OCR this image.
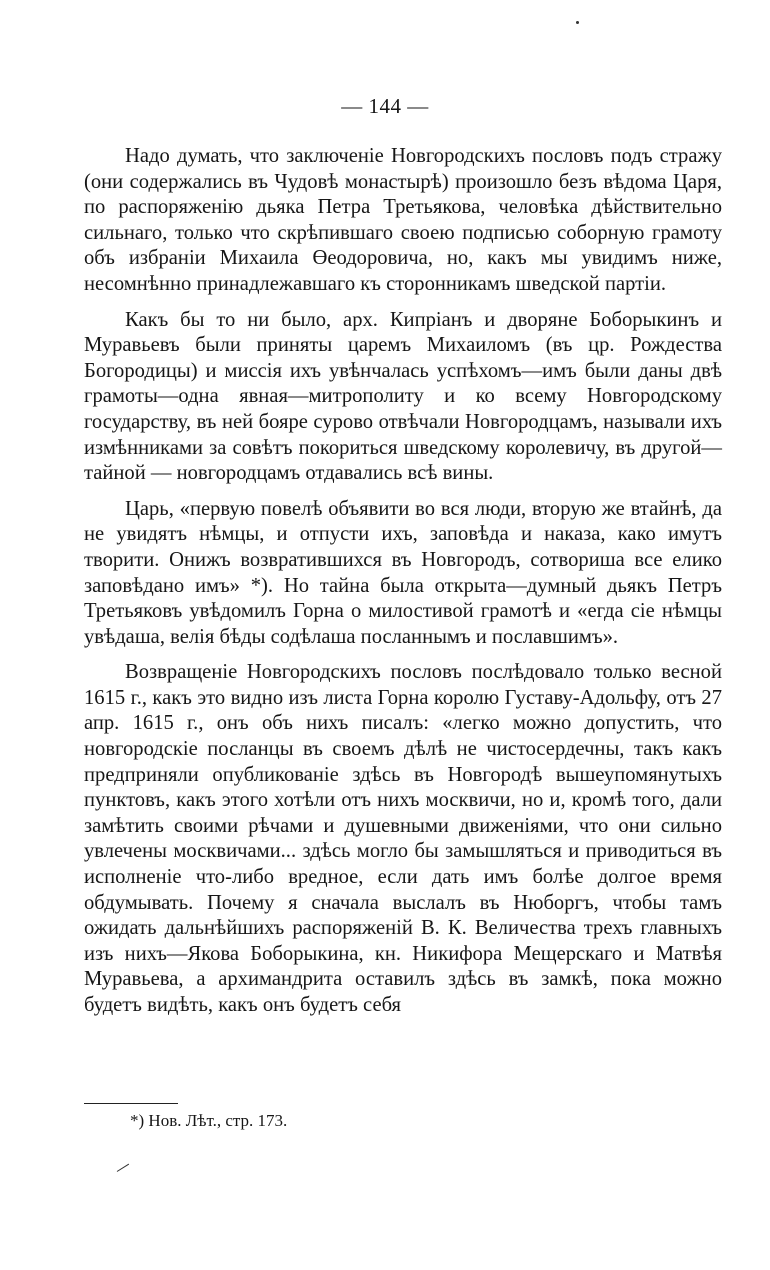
— 144 —

Надо думать, что заключенiе Новгородскихъ пословъ подъ стражу (они содержались въ Чудовѣ монастырѣ) произошло безъ вѣдома Царя, по распоряженiю дьяка Петра Третьякова, человѣка дѣйствительно сильнаго, только что скрѣпившаго своею подписью соборную грамоту объ избранiи Михаила Өеодоровича, но, какъ мы увидимъ ниже, несомнѣнно принадлежавшаго къ сторонникамъ шведской партiи.

Какъ бы то ни было, арх. Кипрiанъ и дворяне Боборыкинъ и Муравьевъ были приняты царемъ Михаиломъ (въ цр. Рождества Богородицы) и миссiя ихъ увѣнчалась успѣхомъ—имъ были даны двѣ грамоты—одна явная—митрополиту и ко всему Новгородскому государству, въ ней бояре сурово отвѣчали Новгородцамъ, называли ихъ измѣнниками за совѣтъ покориться шведскому королевичу, въ другой—тайной — новгородцамъ отдавались всѣ вины.

Царь, «первую повелѣ объявити во вся люди, вторую же втайнѣ, да не увидятъ нѣмцы, и отпусти ихъ, заповѣда и наказа, како имутъ творити. Онижъ возвратившихся въ Новгородъ, сотвориша все елико заповѣдано имъ» *). Но тайна была открыта—думный дьякъ Петръ Третьяковъ увѣдомилъ Горна о милостивой грамотѣ и «егда сiе нѣмцы увѣдаша, велiя бѣды содѣлаша посланнымъ и пославшимъ».

Возвращенiе Новгородскихъ пословъ послѣдовало только весной 1615 г., какъ это видно изъ листа Горна королю Густаву-Адольфу, отъ 27 апр. 1615 г., онъ объ нихъ писалъ: «легко можно допустить, что новгородскiе посланцы въ своемъ дѣлѣ не чистосердечны, такъ какъ предприняли опубликованiе здѣсь въ Новгородѣ вышеупомянутыхъ пунктовъ, какъ этого хотѣли отъ нихъ москвичи, но и, кромѣ того, дали замѣтить своими рѣчами и душевными движенiями, что они сильно увлечены москвичами... здѣсь могло бы замышляться и приводиться въ исполненiе что-либо вредное, если дать имъ болѣе долгое время обдумывать. Почему я сначала выслалъ въ Нюборгъ, чтобы тамъ ожидать дальнѣйшихъ распоряженiй В. К. Величества трехъ главныхъ изъ нихъ—Якова Боборыкина, кн. Никифора Мещерскаго и Матвѣя Муравьева, а архимандрита оставилъ здѣсь въ замкѣ, пока можно будетъ видѣть, какъ онъ будетъ себя

*) Нов. Лѣт., стр. 173.
